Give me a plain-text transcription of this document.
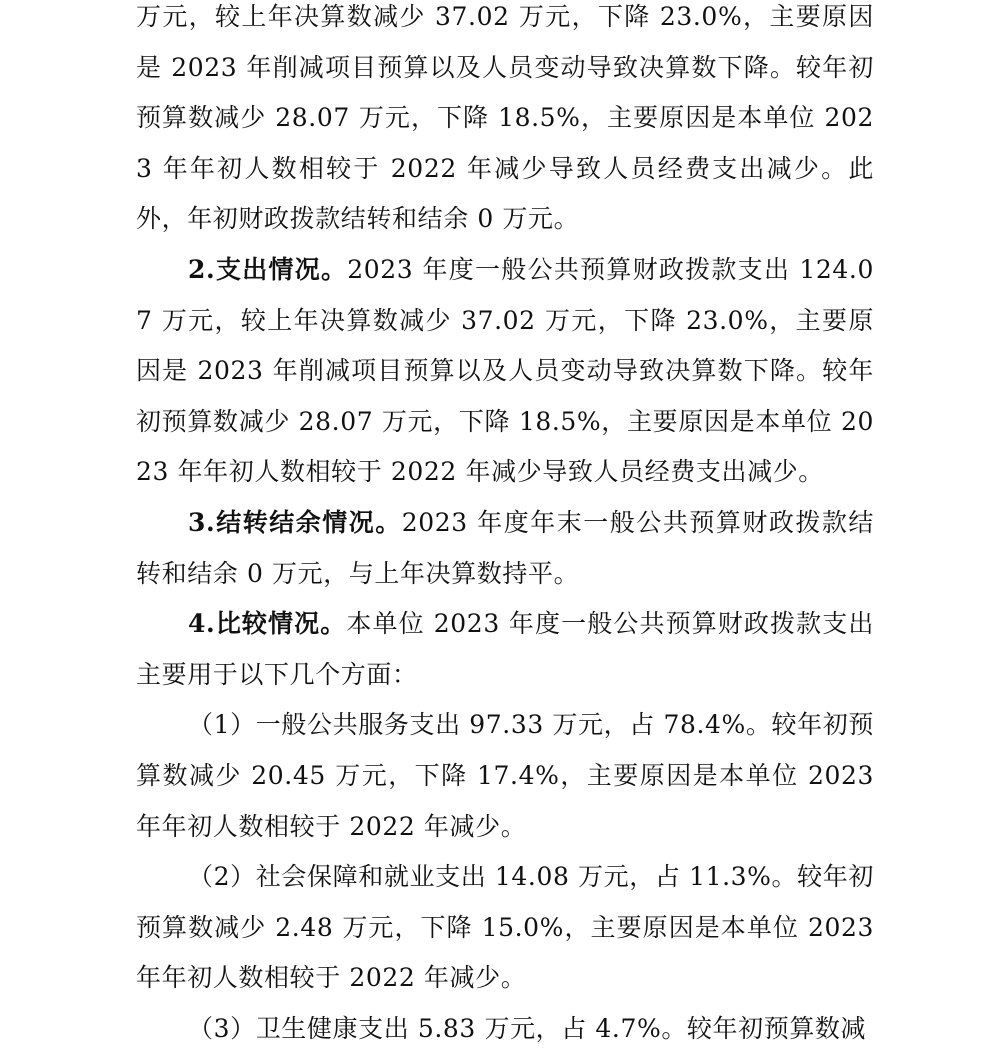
万元，较上年决算数减少 37.02 万元，下降 23.0%，主要原因是 2023 年削减项目预算以及人员变动导致决算数下降。较年初预算数减少 28.07 万元，下降 18.5%，主要原因是本单位 2023 年年初人数相较于 2022 年减少导致人员经费支出减少。此外，年初财政拨款结转和结余 0 万元。

2.支出情况。2023 年度一般公共预算财政拨款支出 124.07 万元，较上年决算数减少 37.02 万元，下降 23.0%，主要原因是 2023 年削减项目预算以及人员变动导致决算数下降。较年初预算数减少 28.07 万元，下降 18.5%，主要原因是本单位 2023 年年初人数相较于 2022 年减少导致人员经费支出减少。

3.结转结余情况。2023 年度年末一般公共预算财政拨款结转和结余 0 万元，与上年决算数持平。

4.比较情况。本单位 2023 年度一般公共预算财政拨款支出主要用于以下几个方面：

（1）一般公共服务支出 97.33 万元，占 78.4%。较年初预算数减少 20.45 万元，下降 17.4%，主要原因是本单位 2023 年年初人数相较于 2022 年减少。

（2）社会保障和就业支出 14.08 万元，占 11.3%。较年初预算数减少 2.48 万元，下降 15.0%，主要原因是本单位 2023 年年初人数相较于 2022 年减少。

（3）卫生健康支出 5.83 万元，占 4.7%。较年初预算数减
